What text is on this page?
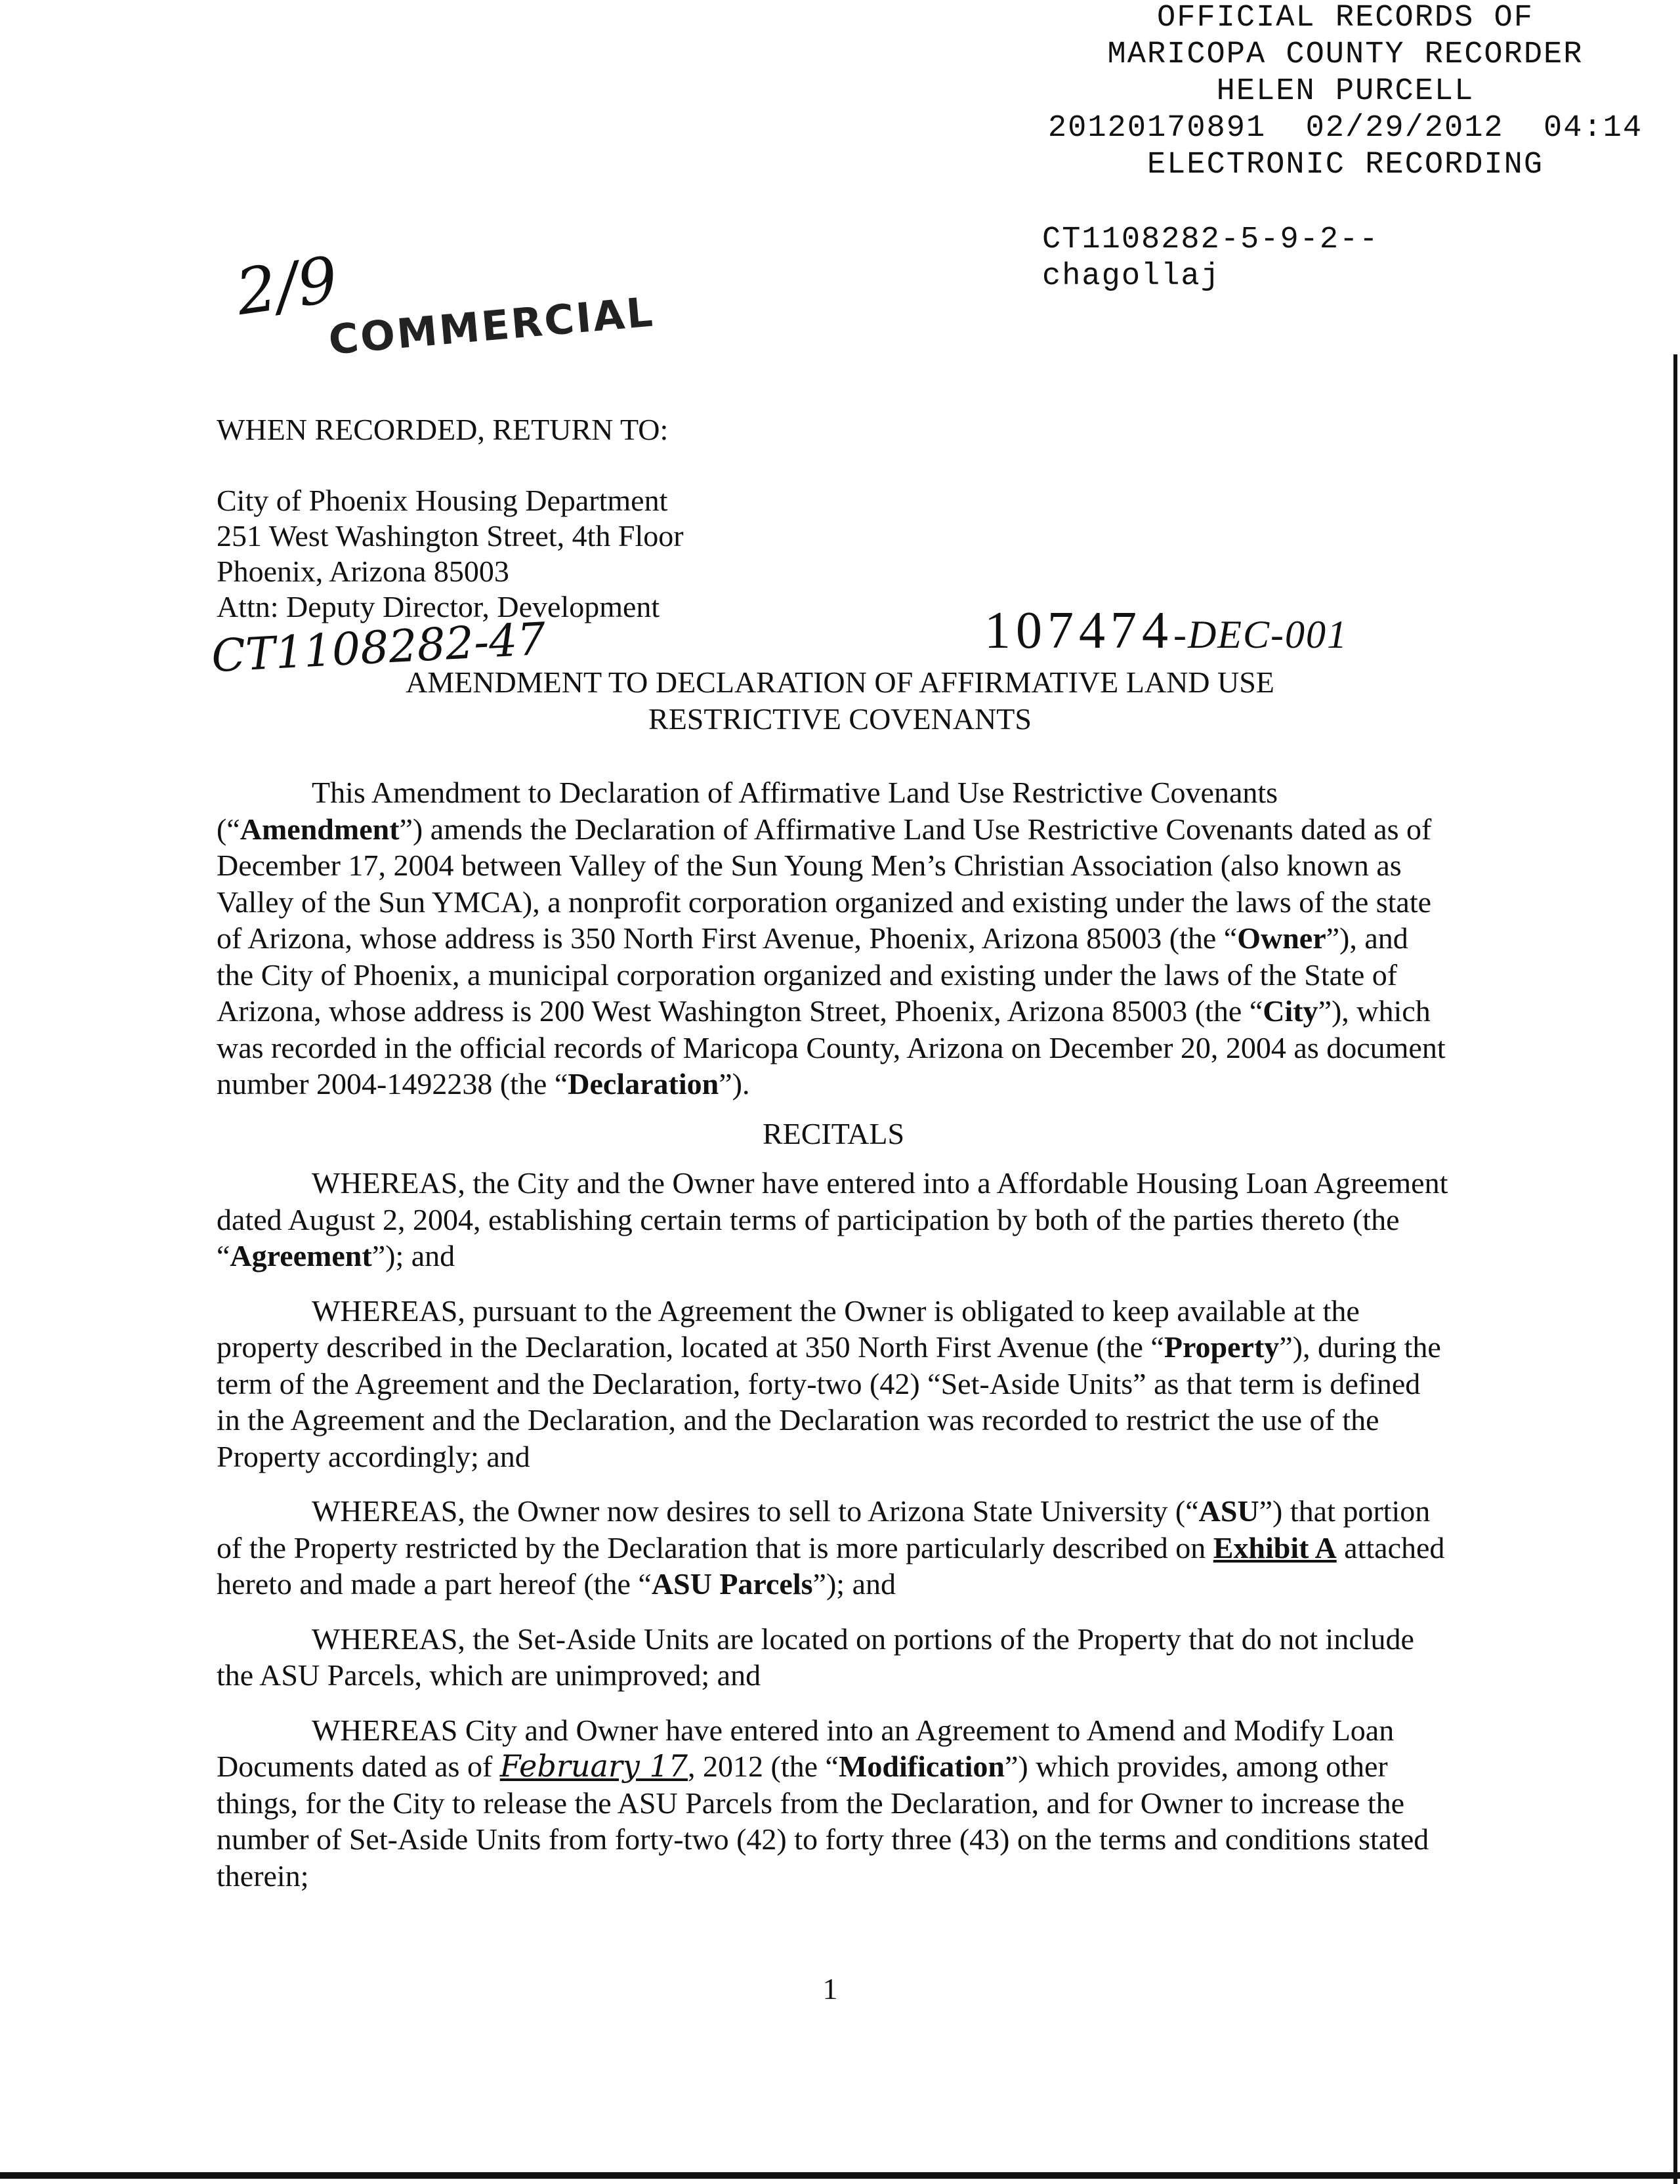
OFFICIAL RECORDS OF
MARICOPA COUNTY RECORDER
HELEN PURCELL
20120170891  02/29/2012  04:14
ELECTRONIC RECORDING
CT1108282-5-9-2--
chagollaj
2/9
COMMERCIAL
WHEN RECORDED, RETURN TO:
City of Phoenix Housing Department
251 West Washington Street, 4th Floor
Phoenix, Arizona 85003
Attn: Deputy Director, Development
CT1108282-47	107474-DEC-001
AMENDMENT TO DECLARATION OF AFFIRMATIVE LAND USE
RESTRICTIVE COVENANTS

This Amendment to Declaration of Affirmative Land Use Restrictive Covenants (“Amendment”) amends the Declaration of Affirmative Land Use Restrictive Covenants dated as of December 17, 2004 between Valley of the Sun Young Men’s Christian Association (also known as Valley of the Sun YMCA), a nonprofit corporation organized and existing under the laws of the state of Arizona, whose address is 350 North First Avenue, Phoenix, Arizona 85003 (the “Owner”), and the City of Phoenix, a municipal corporation organized and existing under the laws of the State of Arizona, whose address is 200 West Washington Street, Phoenix, Arizona 85003 (the “City”), which was recorded in the official records of Maricopa County, Arizona on December 20, 2004 as document number 2004-1492238 (the “Declaration”).

RECITALS

WHEREAS, the City and the Owner have entered into a Affordable Housing Loan Agreement dated August 2, 2004, establishing certain terms of participation by both of the parties thereto (the “Agreement”); and

WHEREAS, pursuant to the Agreement the Owner is obligated to keep available at the property described in the Declaration, located at 350 North First Avenue (the “Property”), during the term of the Agreement and the Declaration, forty-two (42) “Set-Aside Units” as that term is defined in the Agreement and the Declaration, and the Declaration was recorded to restrict the use of the Property accordingly; and

WHEREAS, the Owner now desires to sell to Arizona State University (“ASU”) that portion of the Property restricted by the Declaration that is more particularly described on Exhibit A attached hereto and made a part hereof (the “ASU Parcels”); and

WHEREAS, the Set-Aside Units are located on portions of the Property that do not include the ASU Parcels, which are unimproved; and

WHEREAS City and Owner have entered into an Agreement to Amend and Modify Loan Documents dated as of February 17, 2012 (the “Modification”) which provides, among other things, for the City to release the ASU Parcels from the Declaration, and for Owner to increase the number of Set-Aside Units from forty-two (42) to forty three (43) on the terms and conditions stated therein;

1
